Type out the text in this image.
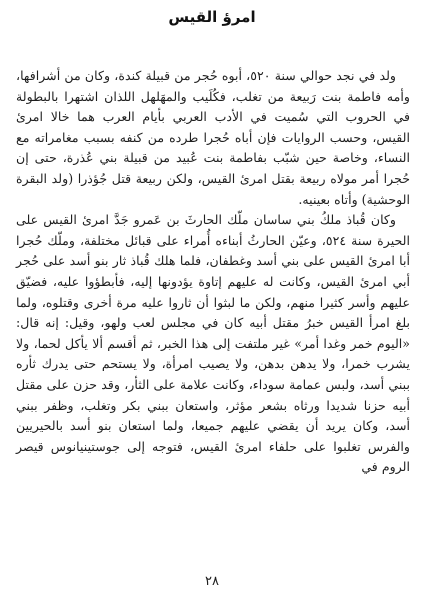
امرؤ القيس

ولد في نجد حوالي سنة ٥٢٠، أبوه حُجر من قبيلة كندة، وكان من أشرافها، وأمه فاطمة بنت رَبيعة من تغلب، فكُلَيب والمهَلهل اللذان اشتهرا بالبطولة في الحروب التي سُميت في الأدب العربي بأيام العرب هما خالا امرئ القيس، وحسب الروايات فإن أباه حُجرا طرده من كنفه بسبب مغامراته مع النساء، وخاصة حين شبّب بفاطمة بنت عُبيد من قبيلة بني عُذرة، حتى إن حُجرا أمر مولاه ربيعة بقتل امرئ القيس، ولكن ربيعة قتل جُؤذرا (ولد البقرة الوحشية) وأتاه بعينيه.

وكان قُباذ ملكُ بني ساسان ملّك الحارثَ بن عَمرو جَدَّ امرئ القيس على الحيرة سنة ٥٢٤، وعيّن الحارثُ أبناءه أُمراء على قبائل مختلفة، وملّك حُجرا أبا امرئ القيس على بني أسد وغطفان، فلما هلك قُباذ ثار بنو أسد على حُجر أبي امرئ القيس، وكانت له عليهم إتاوة يؤدونها إليه، فأبطؤوا عليه، فضيّق عليهم وأسر كثيرا منهم، ولكن ما لبثوا أن ثاروا عليه مرة أخرى وقتلوه، ولما بلغ امرأ القيس خبرُ مقتل أبيه كان في مجلس لعب ولهو، وقيل: إنه قال: «اليوم خمر وغدا أمر» غير ملتفت إلى هذا الخبر، ثم أقسم ألا يأكل لحما، ولا يشرب خمرا، ولا يدهن بدهن، ولا يصيب امرأة، ولا يستحم حتى يدرك ثأره ببني أسد، ولبس عمامة سوداء، وكانت علامة على الثأر، وقد حزن على مقتل أبيه حزنا شديدا ورثاه بشعر مؤثر، واستعان ببني بكر وتغلب، وظفر ببني أسد، وكان يريد أن يقضي عليهم جميعا، ولما استعان بنو أسد بالحيريين والفرس تغلبوا على حلفاء امرئ القيس، فتوجه إلى جوستينيانوس قيصر الروم في

٢٨
